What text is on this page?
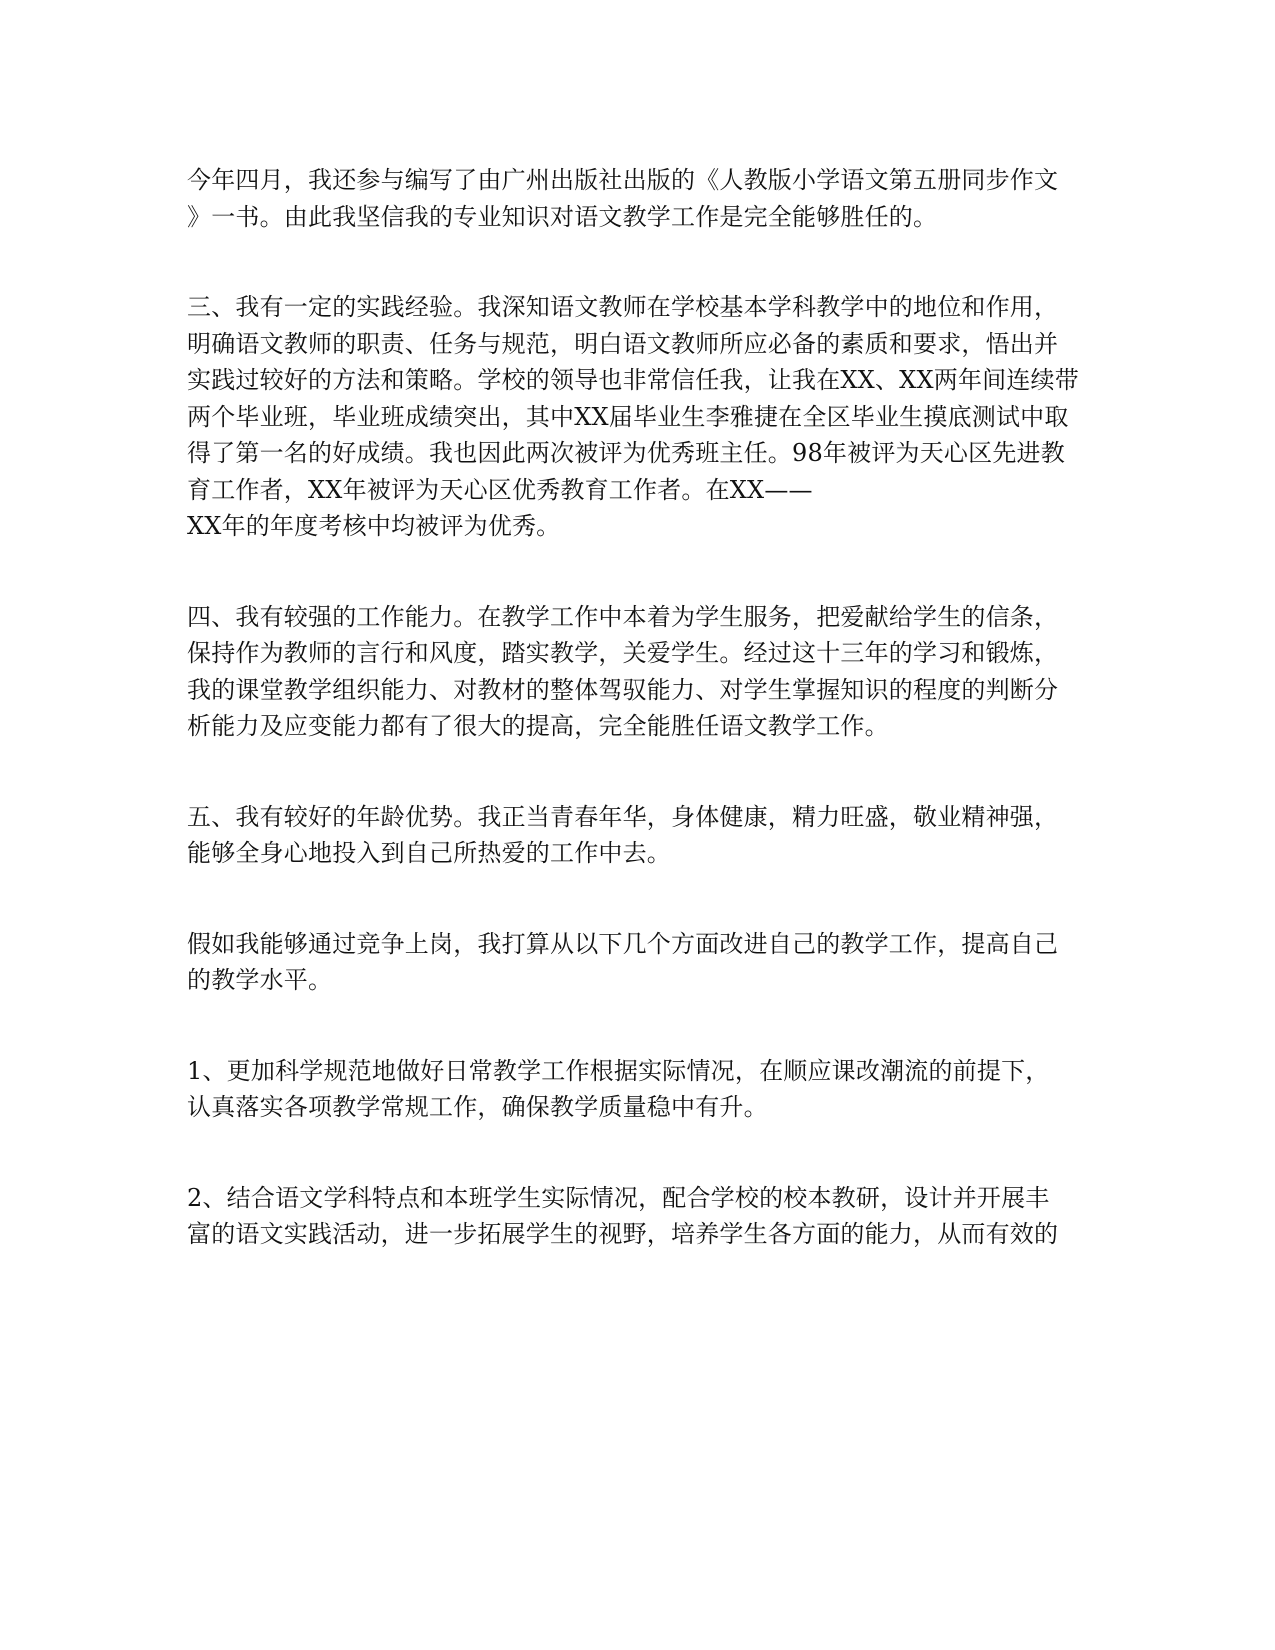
今年四月，我还参与编写了由广州出版社出版的《人教版小学语文第五册同步作文
》一书。由此我坚信我的专业知识对语文教学工作是完全能够胜任的。

三、我有一定的实践经验。我深知语文教师在学校基本学科教学中的地位和作用，
明确语文教师的职责、任务与规范，明白语文教师所应必备的素质和要求，悟出并
实践过较好的方法和策略。学校的领导也非常信任我，让我在XX、XX两年间连续带
两个毕业班，毕业班成绩突出，其中XX届毕业生李雅捷在全区毕业生摸底测试中取
得了第一名的好成绩。我也因此两次被评为优秀班主任。98年被评为天心区先进教
育工作者，XX年被评为天心区优秀教育工作者。在XX——
XX年的年度考核中均被评为优秀。

四、我有较强的工作能力。在教学工作中本着为学生服务，把爱献给学生的信条，
保持作为教师的言行和风度，踏实教学，关爱学生。经过这十三年的学习和锻炼，
我的课堂教学组织能力、对教材的整体驾驭能力、对学生掌握知识的程度的判断分
析能力及应变能力都有了很大的提高，完全能胜任语文教学工作。

五、我有较好的年龄优势。我正当青春年华，身体健康，精力旺盛，敬业精神强，
能够全身心地投入到自己所热爱的工作中去。

假如我能够通过竞争上岗，我打算从以下几个方面改进自己的教学工作，提高自己
的教学水平。

1、更加科学规范地做好日常教学工作根据实际情况，在顺应课改潮流的前提下，
认真落实各项教学常规工作，确保教学质量稳中有升。

2、结合语文学科特点和本班学生实际情况，配合学校的校本教研，设计并开展丰
富的语文实践活动，进一步拓展学生的视野，培养学生各方面的能力，从而有效的
